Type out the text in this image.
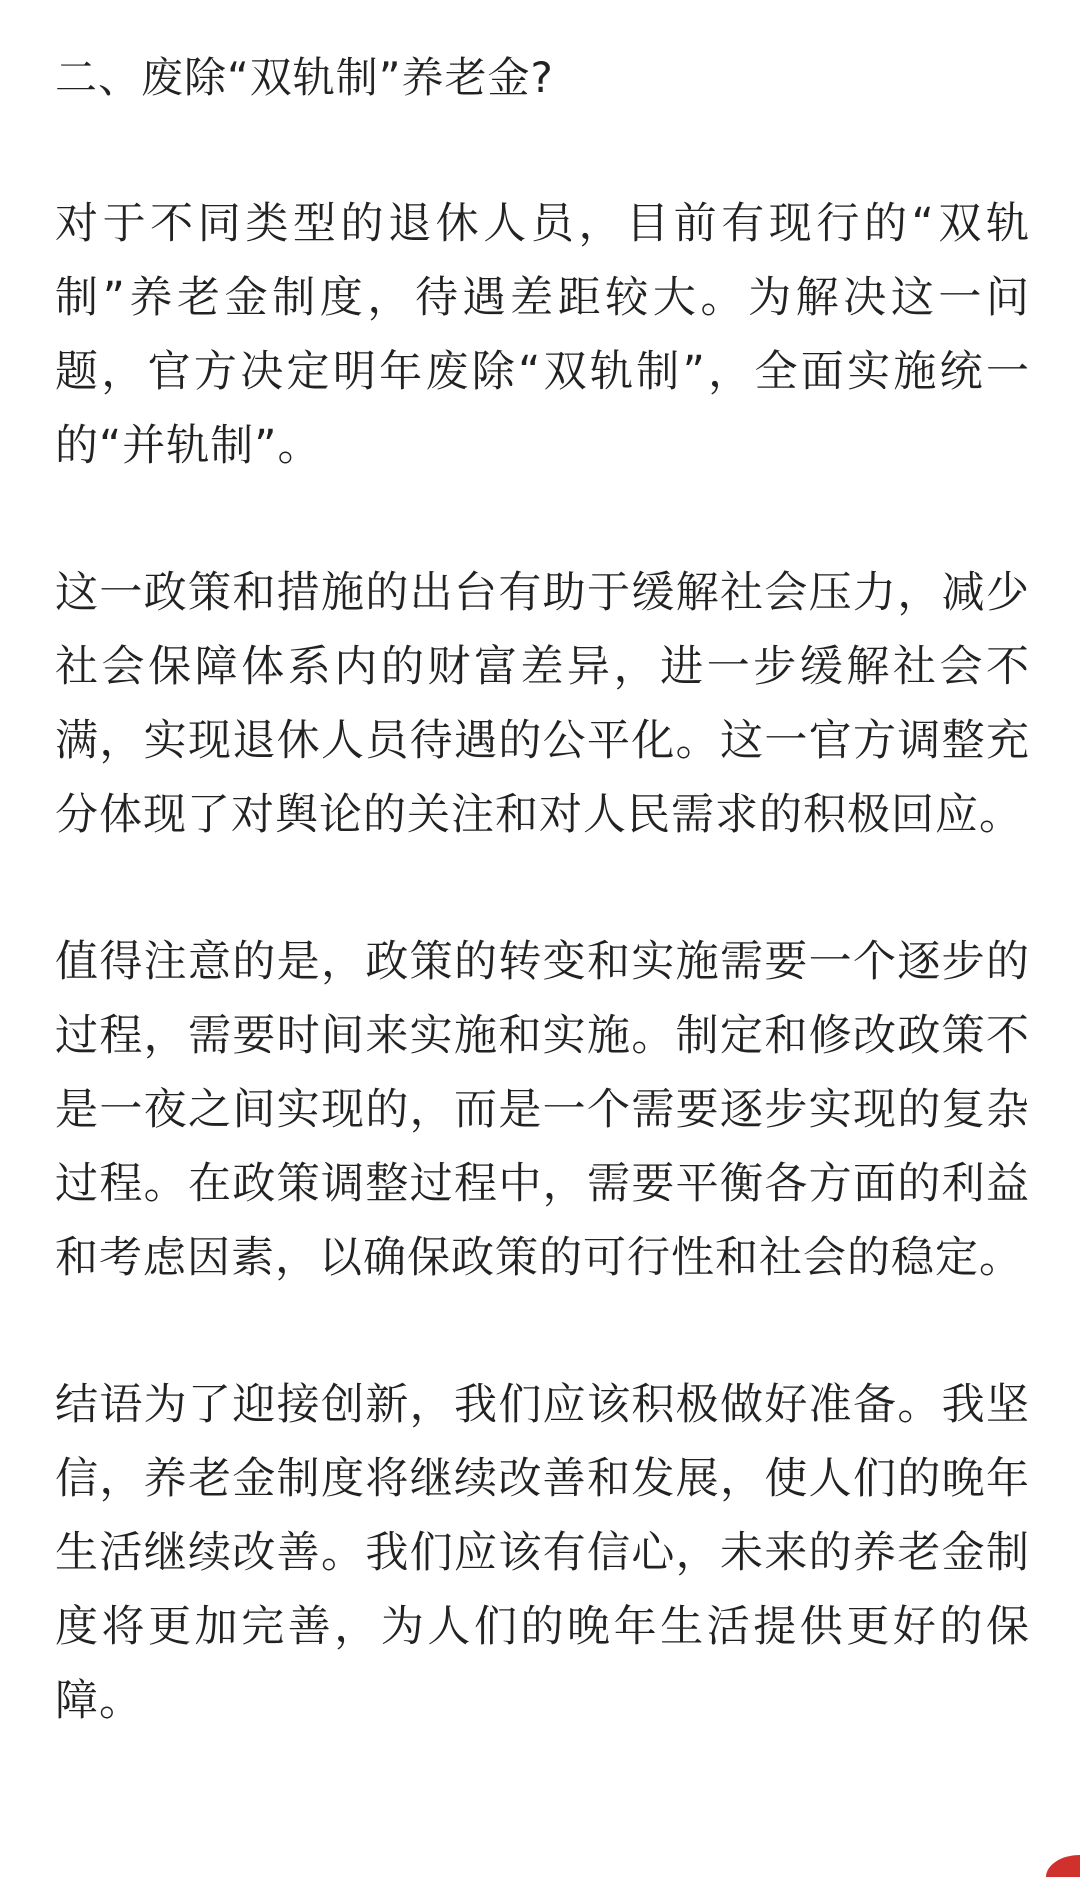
二、废除“双轨制”养老金?

对于不同类型的退休人员，目前有现行的“双轨制”养老金制度，待遇差距较大。为解决这一问题，官方决定明年废除“双轨制”，全面实施统一的“并轨制”。

这一政策和措施的出台有助于缓解社会压力，减少社会保障体系内的财富差异，进一步缓解社会不满，实现退休人员待遇的公平化。这一官方调整充分体现了对舆论的关注和对人民需求的积极回应。

值得注意的是，政策的转变和实施需要一个逐步的过程，需要时间来实施和实施。制定和修改政策不是一夜之间实现的，而是一个需要逐步实现的复杂过程。在政策调整过程中，需要平衡各方面的利益和考虑因素，以确保政策的可行性和社会的稳定。

结语为了迎接创新，我们应该积极做好准备。我坚信，养老金制度将继续改善和发展，使人们的晚年生活继续改善。我们应该有信心，未来的养老金制度将更加完善，为人们的晚年生活提供更好的保障。
